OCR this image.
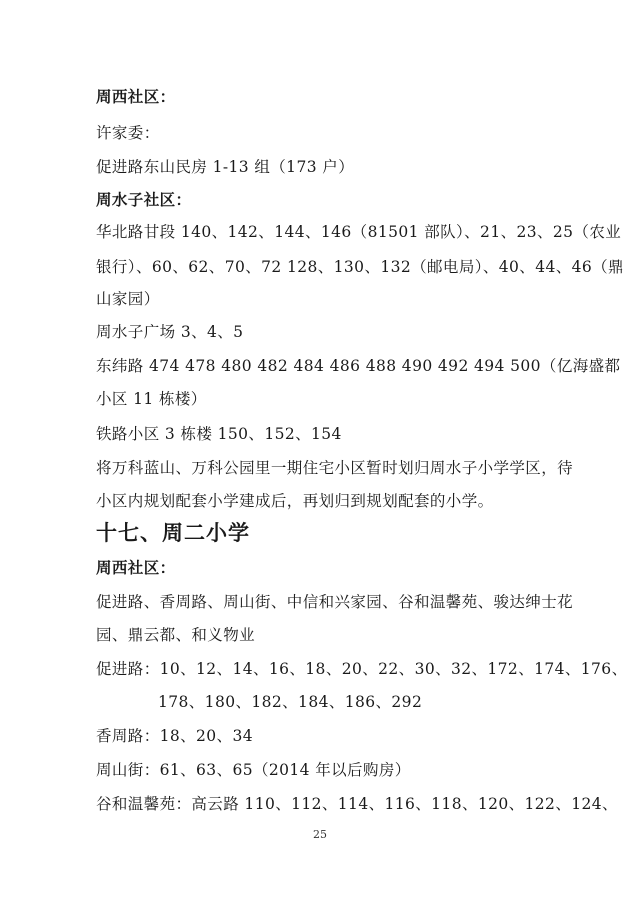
周西社区：
许家委：
促进路东山民房 1-13 组（173 户）
周水子社区：
华北路甘段 140、142、144、146（81501 部队）、21、23、25（农业
银行）、60、62、70、72 128、130、132（邮电局）、40、44、46（鼎
山家园）
周水子广场 3、4、5
东纬路 474 478 480 482 484 486 488 490 492 494 500（亿海盛都
小区 11 栋楼）
铁路小区 3 栋楼 150、152、154
将万科蓝山、万科公园里一期住宅小区暂时划归周水子小学学区，待
小区内规划配套小学建成后，再划归到规划配套的小学。
十七、周二小学
周西社区：
促进路、香周路、周山街、中信和兴家园、谷和温馨苑、骏达绅士花
园、鼎云都、和义物业
促进路：10、12、14、16、18、20、22、30、32、172、174、176、
178、180、182、184、186、292
香周路：18、20、34
周山街：61、63、65（2014 年以后购房）
谷和温馨苑：高云路 110、112、114、116、118、120、122、124、
25
